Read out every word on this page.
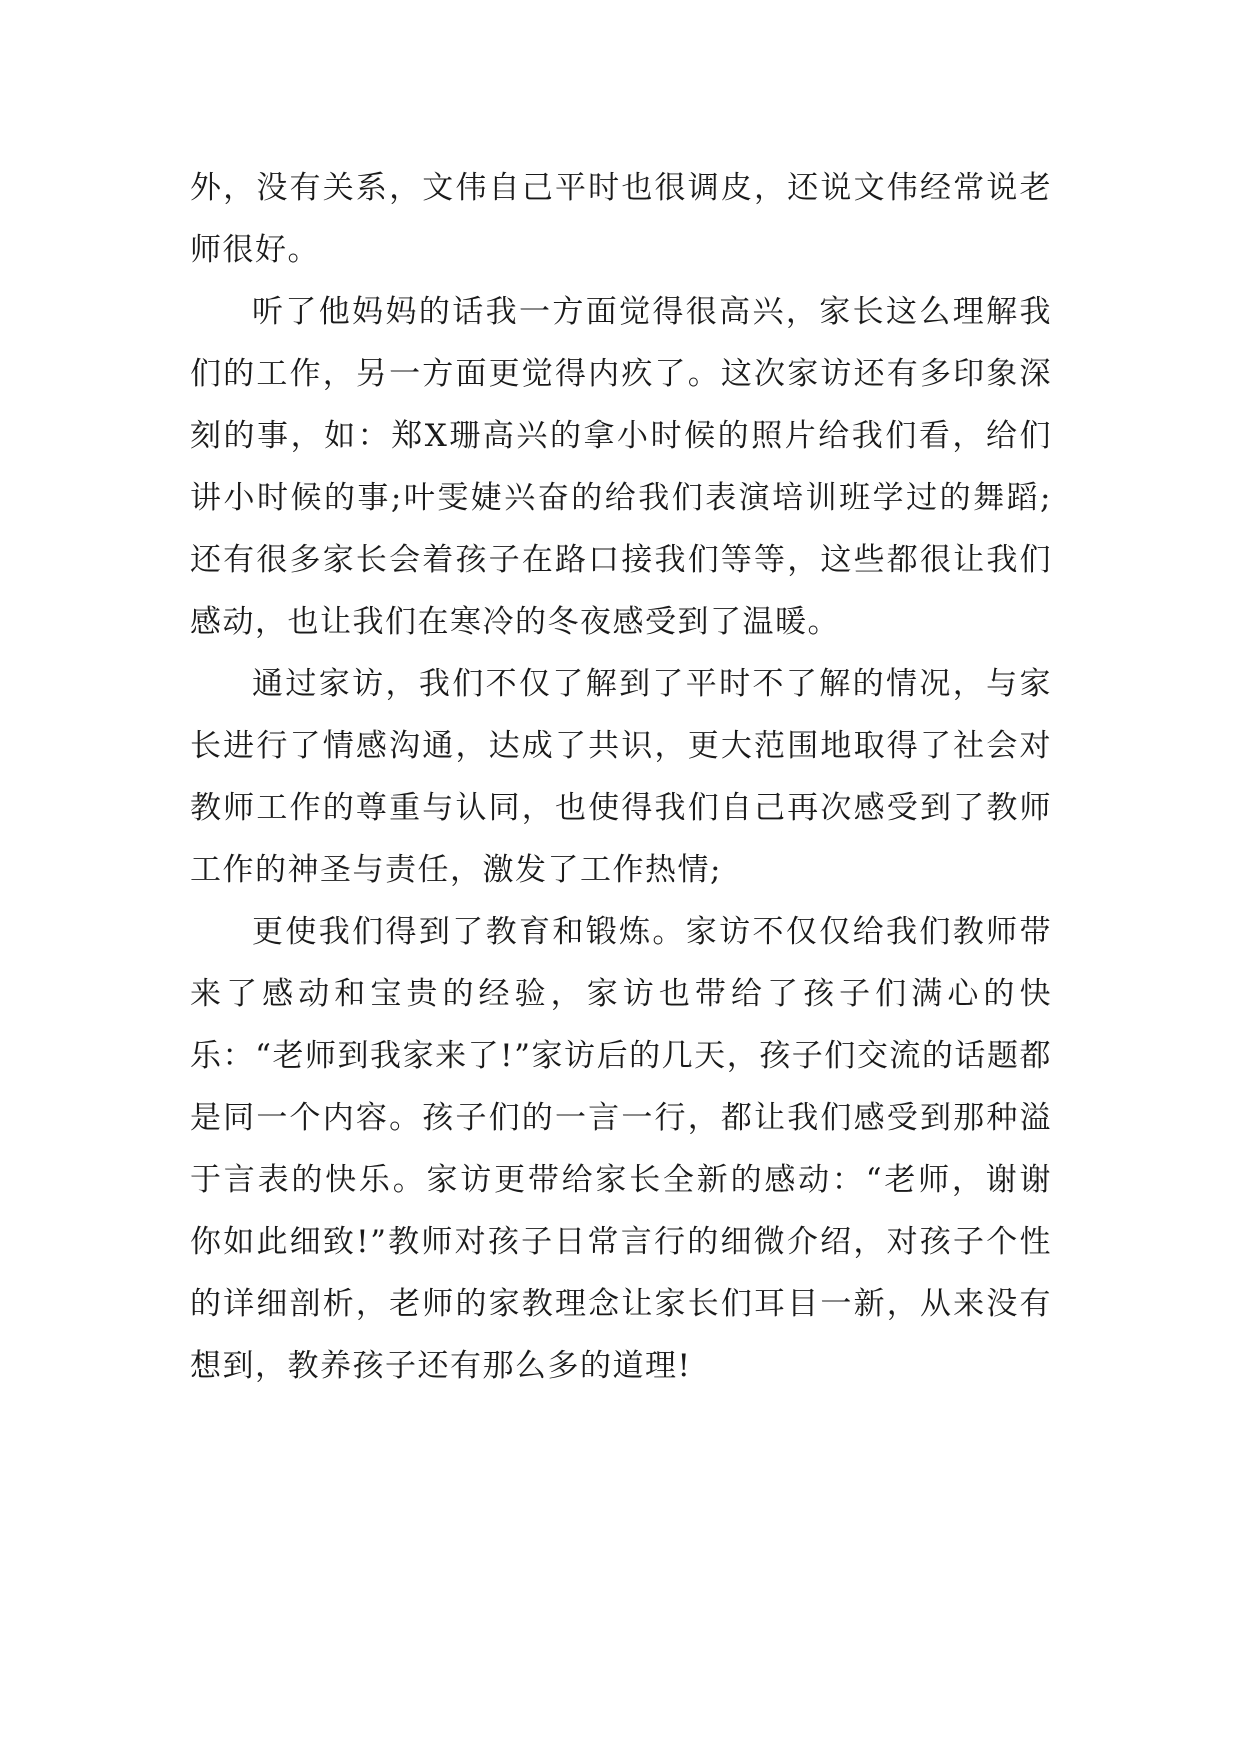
外，没有关系，文伟自己平时也很调皮，还说文伟经常说老师很好。

听了他妈妈的话我一方面觉得很高兴，家长这么理解我们的工作，另一方面更觉得内疚了。这次家访还有多印象深刻的事，如：郑X珊高兴的拿小时候的照片给我们看，给们讲小时候的事;叶雯婕兴奋的给我们表演培训班学过的舞蹈;还有很多家长会着孩子在路口接我们等等，这些都很让我们感动，也让我们在寒冷的冬夜感受到了温暖。

通过家访，我们不仅了解到了平时不了解的情况，与家长进行了情感沟通，达成了共识，更大范围地取得了社会对教师工作的尊重与认同，也使得我们自己再次感受到了教师工作的神圣与责任，激发了工作热情;

更使我们得到了教育和锻炼。家访不仅仅给我们教师带来了感动和宝贵的经验，家访也带给了孩子们满心的快乐：“老师到我家来了!”家访后的几天，孩子们交流的话题都是同一个内容。孩子们的一言一行，都让我们感受到那种溢于言表的快乐。家访更带给家长全新的感动：“老师，谢谢你如此细致!”教师对孩子日常言行的细微介绍，对孩子个性的详细剖析，老师的家教理念让家长们耳目一新，从来没有想到，教养孩子还有那么多的道理!
